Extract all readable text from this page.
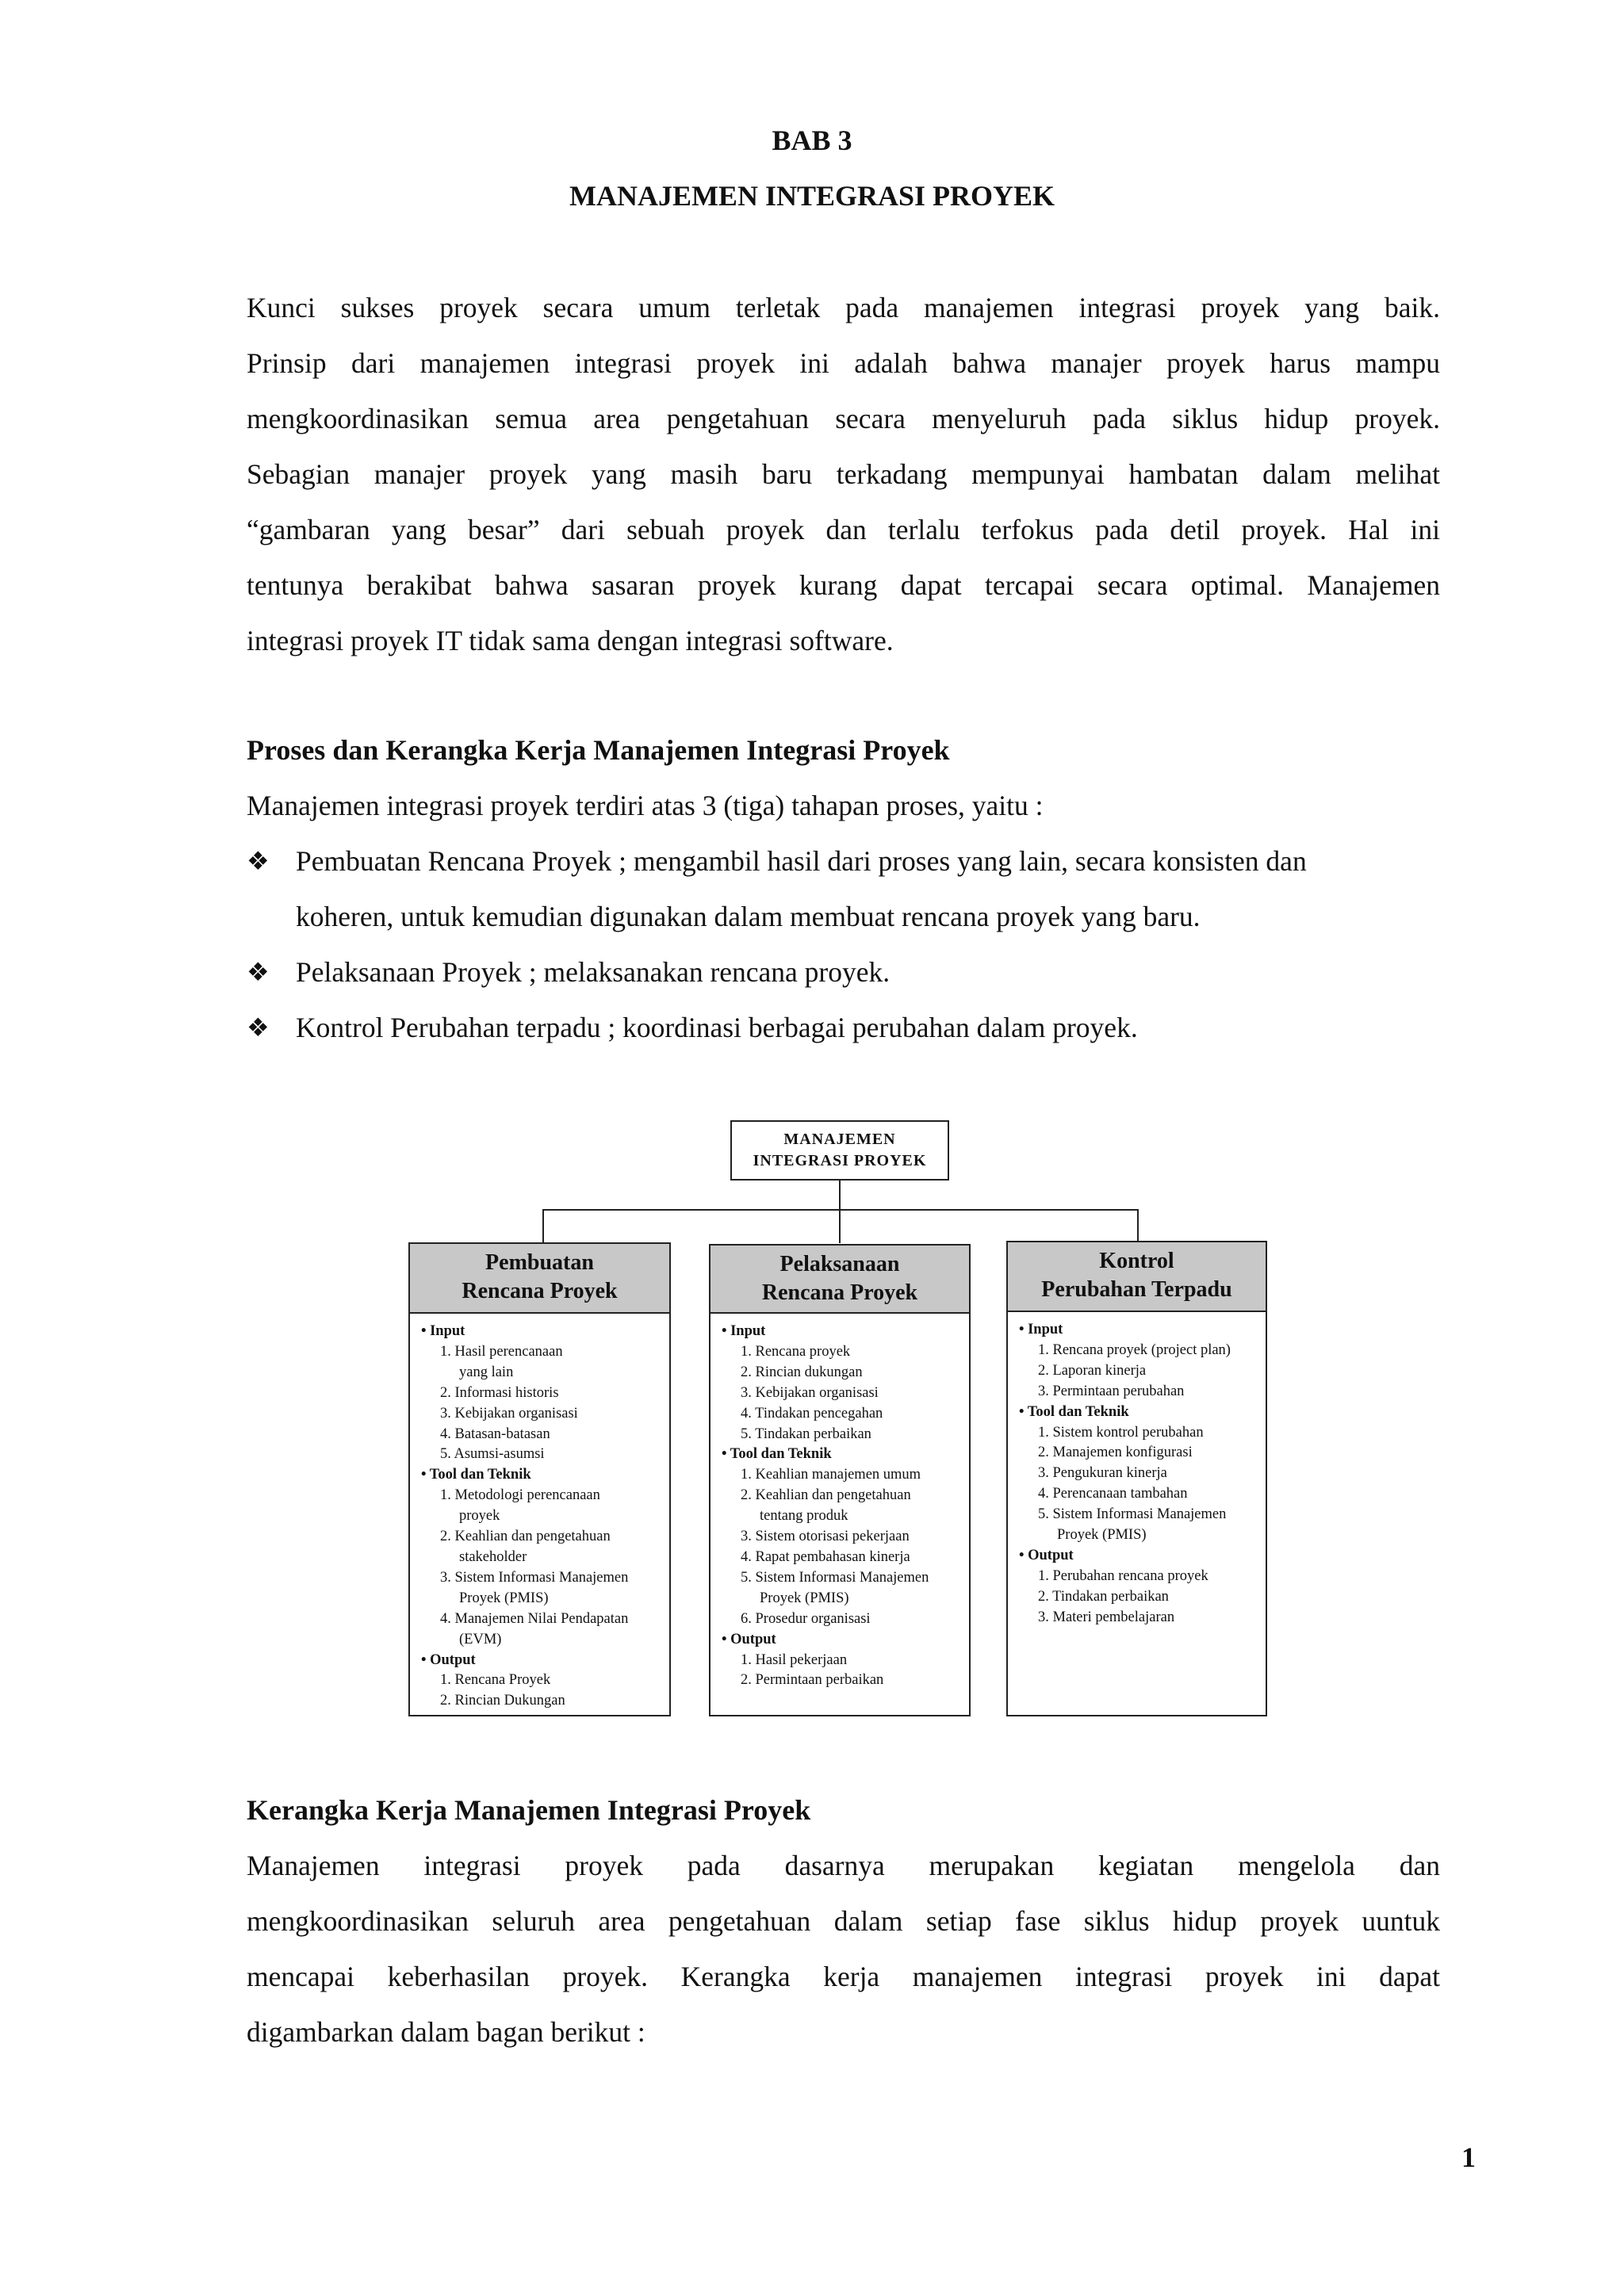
BAB 3
MANAJEMEN INTEGRASI PROYEK
Kunci sukses proyek secara umum terletak pada manajemen integrasi proyek yang baik.
Prinsip dari manajemen integrasi proyek ini adalah bahwa manajer proyek harus mampu
mengkoordinasikan semua area pengetahuan secara menyeluruh pada siklus hidup proyek.
Sebagian manajer proyek yang masih baru terkadang mempunyai hambatan dalam melihat
“gambaran yang besar” dari sebuah proyek dan terlalu terfokus pada detil proyek. Hal ini
tentunya berakibat bahwa sasaran proyek kurang dapat tercapai secara optimal. Manajemen
integrasi proyek IT tidak sama dengan integrasi software.
Proses dan Kerangka Kerja Manajemen Integrasi Proyek
Manajemen integrasi proyek terdiri atas 3 (tiga) tahapan proses, yaitu :
❖ Pembuatan Rencana Proyek ; mengambil hasil dari proses yang lain, secara konsisten dan
koheren, untuk kemudian digunakan dalam membuat rencana proyek yang baru.
❖ Pelaksanaan Proyek ; melaksanakan rencana proyek.
❖ Kontrol Perubahan terpadu ; koordinasi berbagai perubahan dalam proyek.
MANAJEMEN
INTEGRASI PROYEK
Pembuatan
Rencana Proyek
• Input
1. Hasil perencanaan
yang lain
2. Informasi historis
3. Kebijakan organisasi
4. Batasan-batasan
5. Asumsi-asumsi
• Tool dan Teknik
1. Metodologi perencanaan
proyek
2. Keahlian dan pengetahuan
stakeholder
3. Sistem Informasi Manajemen
Proyek (PMIS)
4. Manajemen Nilai Pendapatan
(EVM)
• Output
1. Rencana Proyek
2. Rincian Dukungan
Pelaksanaan
Rencana Proyek
• Input
1. Rencana proyek
2. Rincian dukungan
3. Kebijakan organisasi
4. Tindakan pencegahan
5. Tindakan perbaikan
• Tool dan Teknik
1. Keahlian manajemen umum
2. Keahlian dan pengetahuan
tentang produk
3. Sistem otorisasi pekerjaan
4. Rapat pembahasan kinerja
5. Sistem Informasi Manajemen
Proyek (PMIS)
6. Prosedur organisasi
• Output
1. Hasil pekerjaan
2. Permintaan perbaikan
Kontrol
Perubahan Terpadu
• Input
1. Rencana proyek (project plan)
2. Laporan kinerja
3. Permintaan perubahan
• Tool dan Teknik
1. Sistem kontrol perubahan
2. Manajemen konfigurasi
3. Pengukuran kinerja
4. Perencanaan tambahan
5. Sistem Informasi Manajemen
Proyek (PMIS)
• Output
1. Perubahan rencana proyek
2. Tindakan perbaikan
3. Materi pembelajaran
Kerangka Kerja Manajemen Integrasi Proyek
Manajemen integrasi proyek pada dasarnya merupakan kegiatan mengelola dan
mengkoordinasikan seluruh area pengetahuan dalam setiap fase siklus hidup proyek uuntuk
mencapai keberhasilan proyek. Kerangka kerja manajemen integrasi proyek ini dapat
digambarkan dalam bagan berikut :
1
